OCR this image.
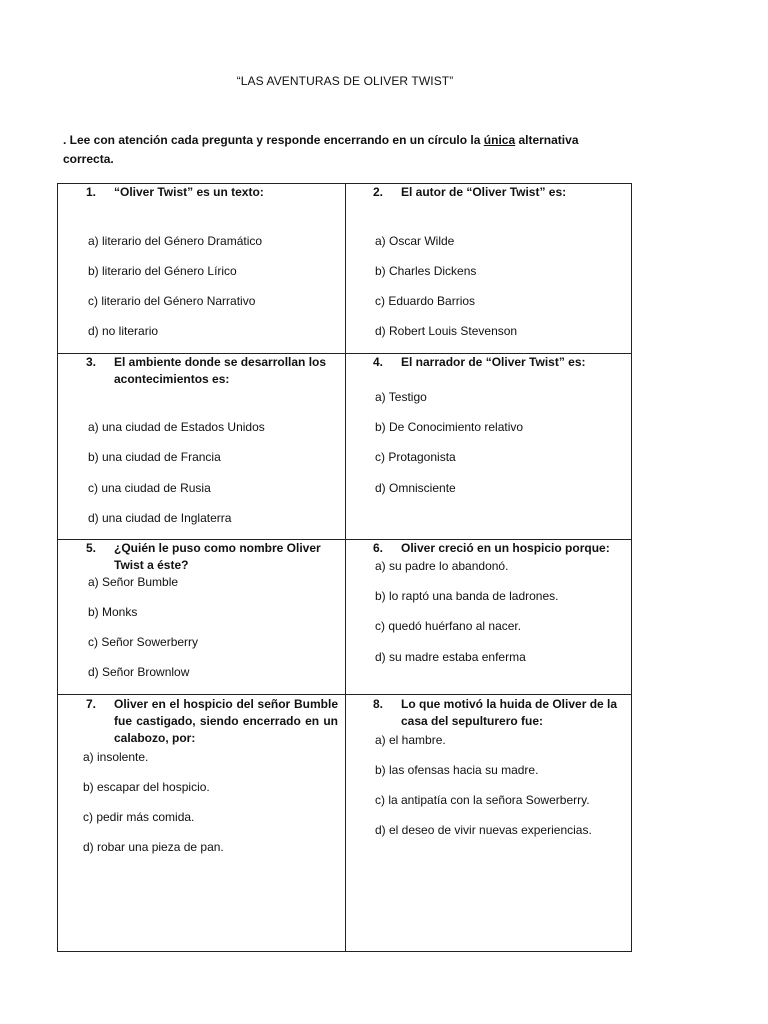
“LAS AVENTURAS DE OLIVER TWIST”
. Lee con atención cada pregunta y responde encerrando en un círculo la única alternativa correcta.
1. “Oliver Twist” es un texto:
a) literario del Género Dramático
b) literario del Género Lírico
c) literario del Género Narrativo
d) no literario
2. El autor de “Oliver Twist” es:
a) Oscar Wilde
b) Charles Dickens
c) Eduardo Barrios
d) Robert Louis Stevenson
3. El ambiente donde se desarrollan los acontecimientos es:
a) una ciudad de Estados Unidos
b) una ciudad de Francia
c) una ciudad de Rusia
d) una ciudad de Inglaterra
4. El narrador de “Oliver Twist” es:
a) Testigo
b) De Conocimiento relativo
c) Protagonista
d) Omnisciente
5. ¿Quién le puso como nombre Oliver Twist a éste?
a) Señor Bumble
b) Monks
c) Señor Sowerberry
d) Señor Brownlow
6. Oliver creció en un hospicio porque:
a) su padre lo abandonó.
b) lo raptó una banda de ladrones.
c) quedó huérfano al nacer.
d) su madre estaba enferma
7. Oliver en el hospicio del señor Bumble fue castigado, siendo encerrado en un calabozo, por:
a) insolente.
b) escapar del hospicio.
c) pedir más comida.
d) robar una pieza de pan.
8. Lo que motivó la huida de Oliver de la casa del sepulturero fue:
a) el hambre.
b) las ofensas hacia su madre.
c) la antipatía con la señora Sowerberry.
d) el deseo de vivir nuevas experiencias.
